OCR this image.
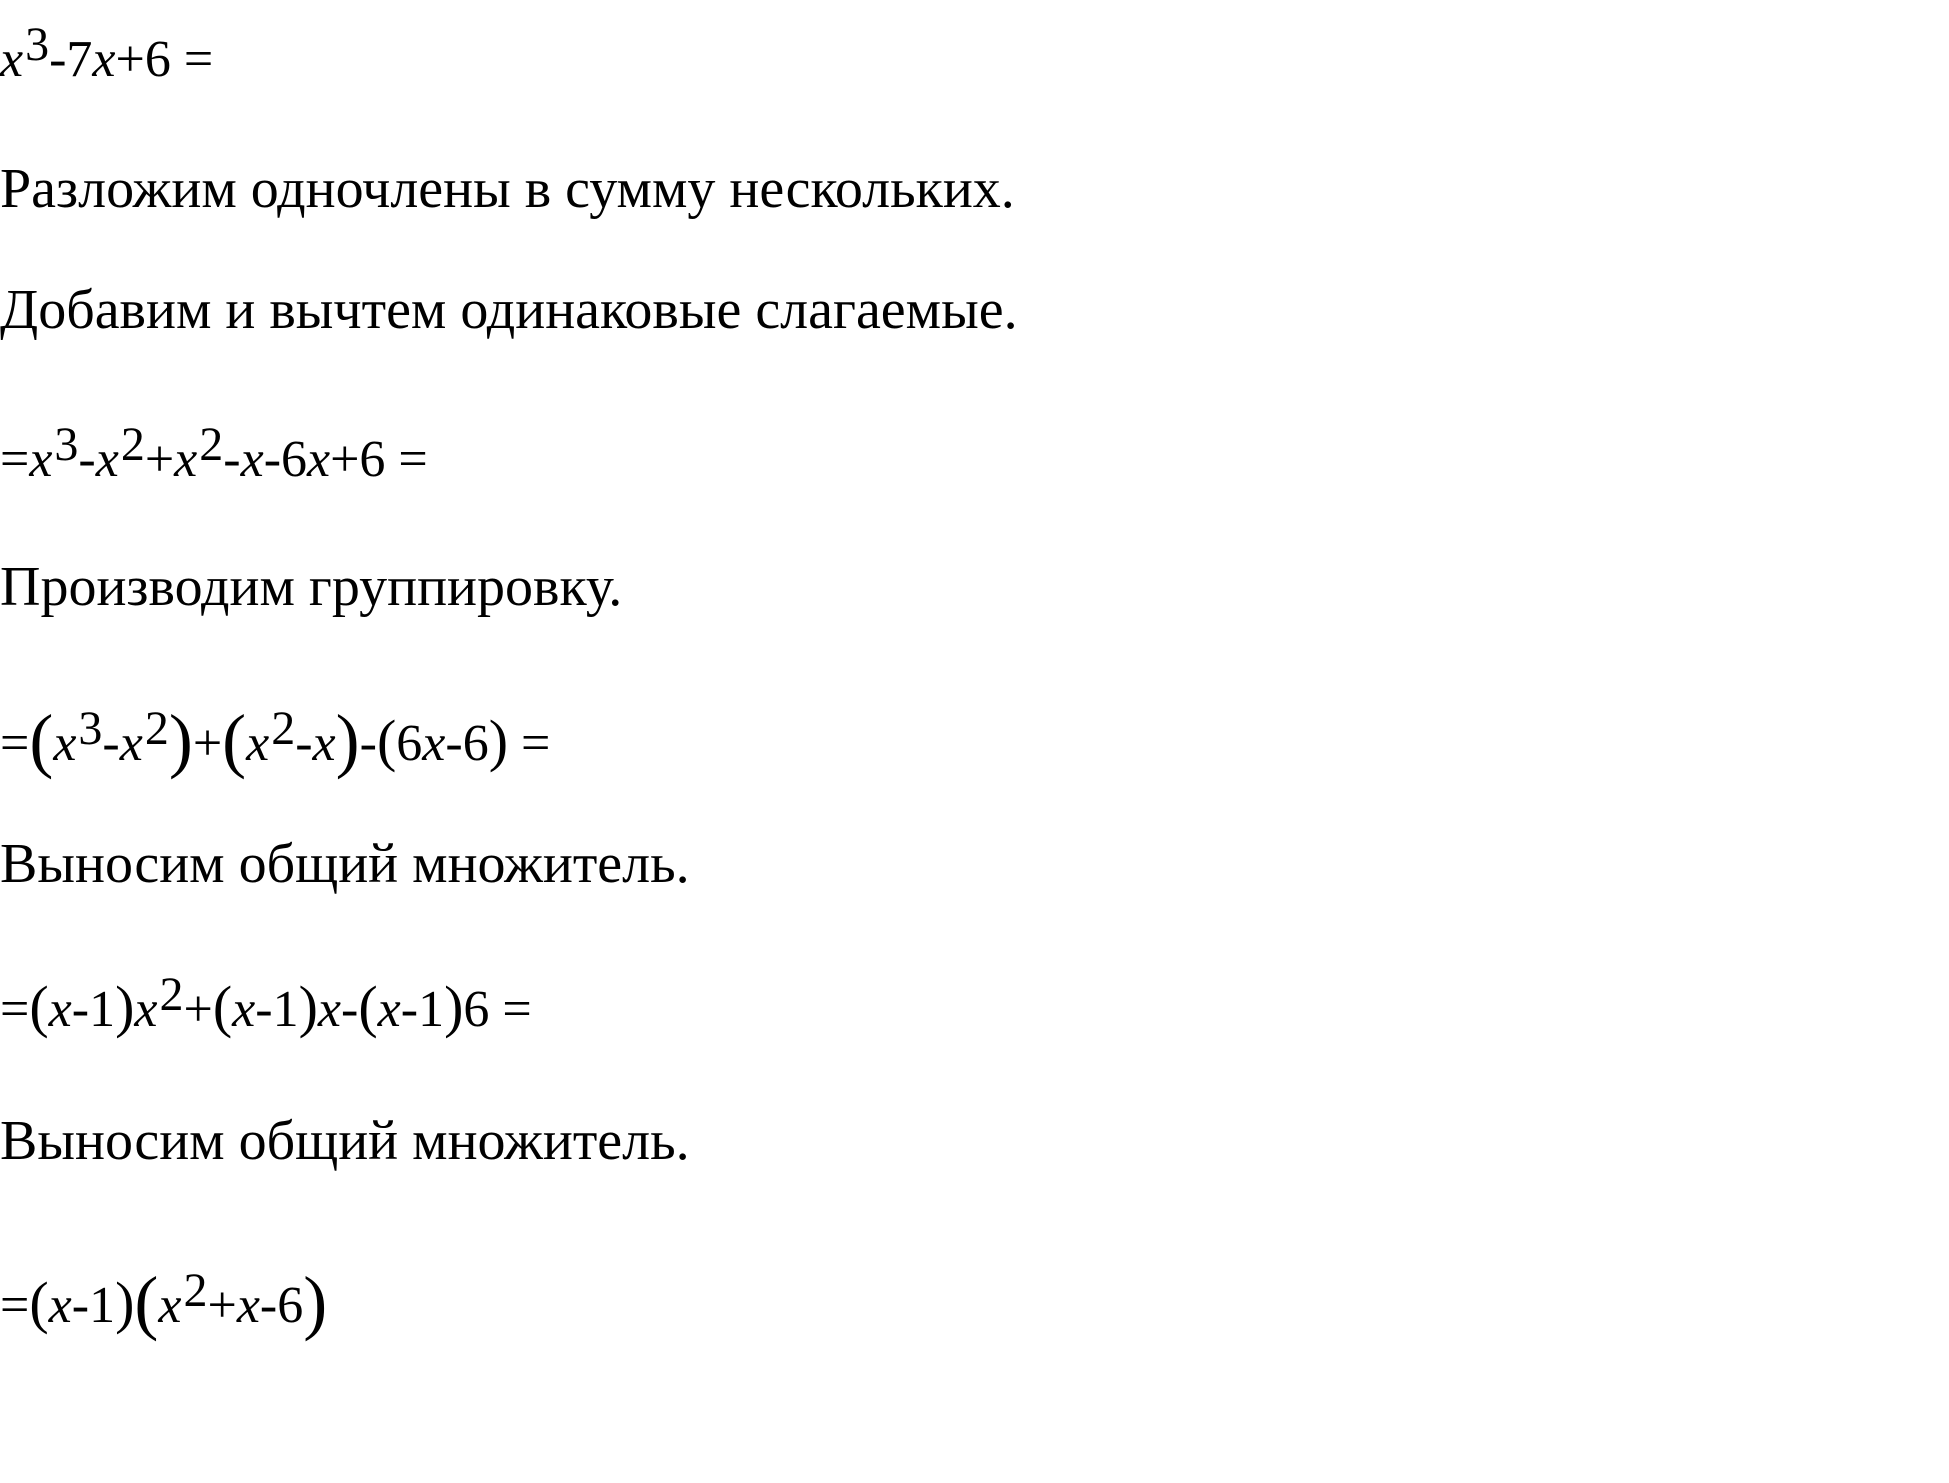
$x^3-7x+6$ =
Разложим одночлены в сумму нескольких.
Добавим и вычтем одинаковые слагаемые.
$=x^3-x^2+x^2-x-6x+6$ =
Производим группировку.
$=(x^3-x^2)+(x^2-x)-(6x-6)$ =
Выносим общий множитель.
$=(x-1)x^2+(x-1)x-(x-1)6$ =
Выносим общий множитель.
$=(x-1)(x^2+x-6)$
